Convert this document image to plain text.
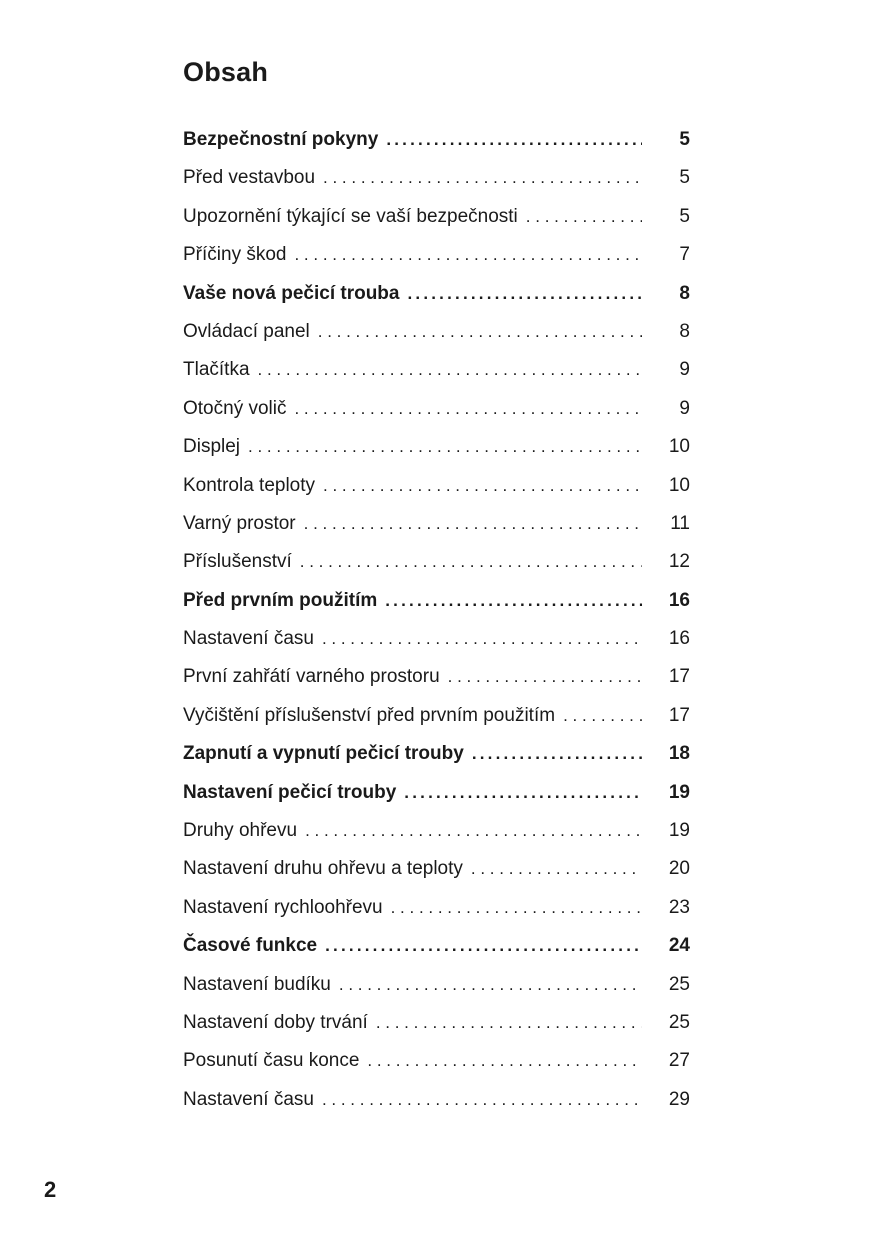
Obsah
Bezpečnostní pokyny .....	5
Před vestavbou . . .	5
Upozornění týkající se vaší bezpečnosti . . .	5
Příčiny škod . . .	7
Vaše nová pečicí trouba .....	8
Ovládací panel . . .	8
Tlačítka . . .	9
Otočný volič . . .	9
Displej . . .	10
Kontrola teploty . . .	10
Varný prostor . . .	11
Příslušenství . . .	12
Před prvním použitím .....	16
Nastavení času . . .	16
První zahřátí varného prostoru . . .	17
Vyčištění příslušenství před prvním použitím . . .	17
Zapnutí a vypnutí pečicí trouby .....	18
Nastavení pečicí trouby .....	19
Druhy ohřevu . . .	19
Nastavení druhu ohřevu a teploty . . .	20
Nastavení rychloohřevu . . .	23
Časové funkce .....	24
Nastavení budíku . . .	25
Nastavení doby trvání . . .	25
Posunutí času konce . . .	27
Nastavení času . . .	29
2
